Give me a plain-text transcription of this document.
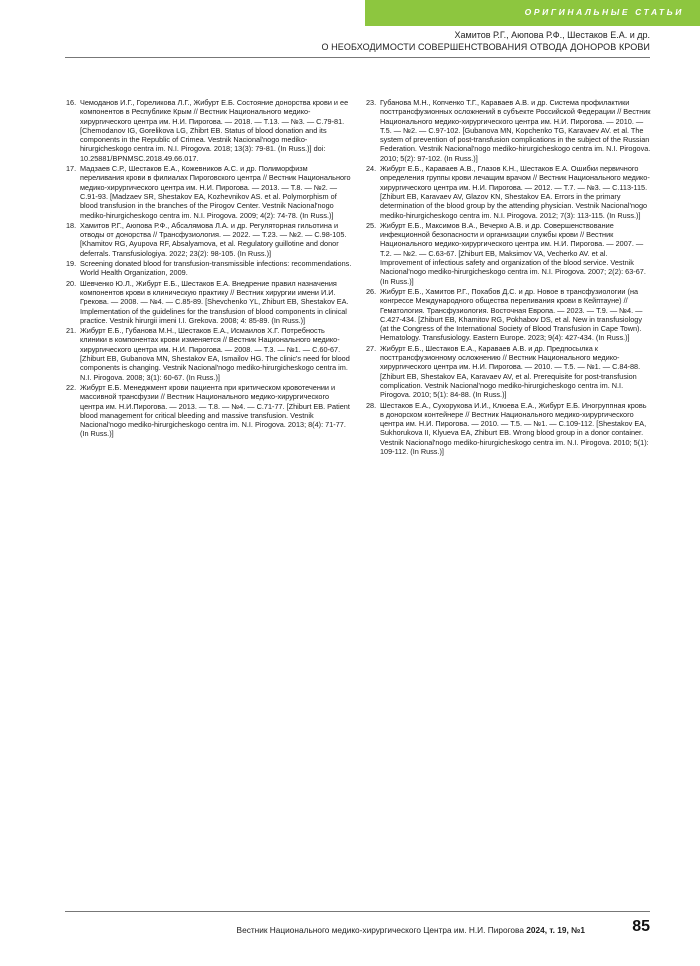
ОРИГИНАЛЬНЫЕ СТАТЬИ
Хамитов Р.Г., Аюпова Р.Ф., Шестаков Е.А. и др.
О НЕОБХОДИМОСТИ СОВЕРШЕНСТВОВАНИЯ ОТВОДА ДОНОРОВ КРОВИ
16. Чемоданов И.Г., Гореликова Л.Г., Жибурт Е.Б. Состояние донорства крови и ее компонентов в Республике Крым // Вестник Национального медико-хирургического центра им. Н.И. Пирогова. — 2018. — Т.13. — №3. — С.79-81. [Chemodanov IG, Gorelikova LG, Zhibrt EB. Status of blood donation and its components in the Republic of Crimea. Vestnik Nacional'nogo mediko-hirurgicheskogo centra im. N.I. Pirogova. 2018; 13(3): 79-81. (In Russ.)] doi: 10.25881/BPNMSC.2018.49.66.017.
17. Мадзаев С.Р., Шестаков Е.А., Кожевников А.С. и др. Полиморфизм переливания крови в филиалах Пироговского центра // Вестник Национального медико-хирургического центра им. Н.И. Пирогова. — 2013. — Т.8. — №2. — С.91-93. [Madzaev SR, Shestakov EA, Kozhevnikov AS. et al. Polymorphism of blood transfusion in the branches of the Pirogov Center. Vestnik Nacional'nogo mediko-hirurgicheskogo centra im. N.I. Pirogova. 2009; 4(2): 74-78. (In Russ.)]
18. Хамитов Р.Г., Аюпова Р.Ф., Абсалямова Л.А. и др. Регуляторная гильотина и отводы от донорства // Трансфузиология. — 2022. — Т.23. — №2. — С.98-105. [Khamitov RG, Ayupova RF, Absalyamova, et al. Regulatory guillotine and donor deferrals. Transfusiologiya. 2022; 23(2): 98-105. (In Russ.)]
19. Screening donated blood for transfusion-transmissible infections: recommendations. World Health Organization, 2009.
20. Шевченко Ю.Л., Жибурт Е.Б., Шестаков Е.А. Внедрение правил назначения компонентов крови в клиническую практику // Вестник хирургии имени И.И. Грекова. — 2008. — №4. — С.85-89. [Shevchenko YL, Zhiburt EB, Shestakov EA. Implementation of the guidelines for the transfusion of blood components in clinical practice. Vestnik hirurgii imeni I.I. Grekova. 2008; 4: 85-89. (In Russ.)]
21. Жибурт Е.Б., Губанова М.Н., Шестаков Е.А., Исмаилов Х.Г. Потребность клиники в компонентах крови изменяется // Вестник Национального медико-хирургического центра им. Н.И. Пирогова. — 2008. — Т.3. — №1. — С.60-67. [Zhiburt EB, Gubanova MN, Shestakov EA, Ismailov HG. The clinic's need for blood components is changing. Vestnik Nacional'nogo mediko-hirurgicheskogo centra im. N.I. Pirogova. 2008; 3(1): 60-67. (In Russ.)]
22. Жибурт Е.Б. Менеджмент крови пациента при критическом кровотечении и массивной трансфузии // Вестник Национального медико-хирургического центра им. Н.И.Пирогова. — 2013. — Т.8. — №4. — С.71-77. [Zhiburt EB. Patient blood management for critical bleeding and massive transfusion. Vestnik Nacional'nogo mediko-hirurgicheskogo centra im. N.I. Pirogova. 2013; 8(4): 71-77. (In Russ.)]
23. Губанова М.Н., Копченко Т.Г., Караваев А.В. и др. Система профилактики посттрансфузионных осложнений в субъекте Российской Федерации // Вестник Национального медико-хирургического центра им. Н.И. Пирогова. — 2010. — Т.5. — №2. — С.97-102. [Gubanova MN, Kopchenko TG, Karavaev AV. et al. The system of prevention of post-transfusion complications in the subject of the Russian Federation. Vestnik Nacional'nogo mediko-hirurgicheskogo centra im. N.I. Pirogova. 2010; 5(2): 97-102. (In Russ.)]
24. Жибурт Е.Б., Караваев А.В., Глазов К.Н., Шестаков Е.А. Ошибки первичного определения группы крови лечащим врачом // Вестник Национального медико-хирургического центра им. Н.И. Пирогова. — 2012. — Т.7. — №3. — С.113-115. [Zhiburt EB, Karavaev AV, Glazov KN, Shestakov EA. Errors in the primary determination of the blood group by the attending physician. Vestnik Nacional'nogo mediko-hirurgicheskogo centra im. N.I. Pirogova. 2012; 7(3): 113-115. (In Russ.)]
25. Жибурт Е.Б., Максимов В.А., Вечерко А.В. и др. Совершенствование инфекционной безопасности и организации службы крови // Вестник Национального медико-хирургического центра им. Н.И. Пирогова. — 2007. — Т.2. — №2. — С.63-67. [Zhiburt EB, Maksimov VA, Vecherko AV. et al. Improvement of infectious safety and organization of the blood service. Vestnik Nacional'nogo mediko-hirurgicheskogo centra im. N.I. Pirogova. 2007; 2(2): 63-67. (In Russ.)]
26. Жибурт Е.Б., Хамитов Р.Г., Похабов Д.С. и др. Новое в трансфузиологии (на конгрессе Международного общества переливания крови в Кейптауне) // Гематология. Трансфузиология. Восточная Европа. — 2023. — Т.9. — №4. — С.427-434. [Zhiburt EB, Khamitov RG, Pokhabov DS, et al. New in transfusiology (at the Congress of the International Society of Blood Transfusion in Cape Town). Hematology. Transfusiology. Eastern Europe. 2023; 9(4): 427-434. (In Russ.)]
27. Жибурт Е.Б., Шестаков Е.А., Караваев А.В. и др. Предпосылка к посттрансфузионному осложнению // Вестник Национального медико-хирургического центра им. Н.И. Пирогова. — 2010. — Т.5. — №1. — С.84-88. [Zhiburt EB, Shestakov EA, Karavaev AV, et al. Prerequisite for post-transfusion complication. Vestnik Nacional'nogo mediko-hirurgicheskogo centra im. N.I. Pirogova. 2010; 5(1): 84-88. (In Russ.)]
28. Шестаков Е.А., Сухорукова И.И., Клюева Е.А., Жибурт Е.Б. Иногруппная кровь в донорском контейнере // Вестник Национального медико-хирургического центра им. Н.И. Пирогова. — 2010. — Т.5. — №1. — С.109-112. [Shestakov EA, Sukhorukova II, Klyueva EA, Zhiburt EB. Wrong blood group in a donor container. Vestnik Nacional'nogo mediko-hirurgicheskogo centra im. N.I. Pirogova. 2010; 5(1): 109-112. (In Russ.)]
Вестник Национального медико-хирургического Центра им. Н.И. Пирогова 2024, т. 19, №1	85
